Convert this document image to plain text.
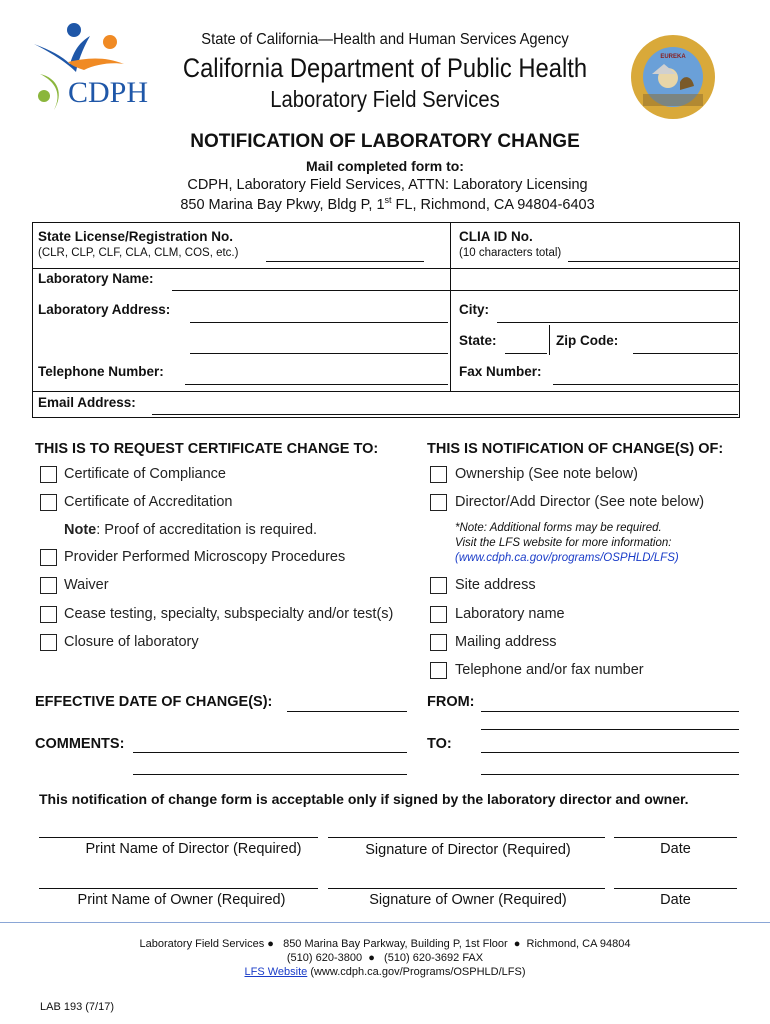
CDPH
State of California—Health and Human Services Agency
California Department of Public Health
Laboratory Field Services
EUREKA
NOTIFICATION OF LABORATORY CHANGE
Mail completed form to:
CDPH, Laboratory Field Services, ATTN: Laboratory Licensing
850 Marina Bay Pkwy, Bldg P, 1st FL, Richmond, CA 94804-6403
State License/Registration No.
(CLR, CLP, CLF, CLA, CLM, COS, etc.)
CLIA ID No.
(10 characters total)
Laboratory Name:
Laboratory Address:	City:
State:	Zip Code:
Telephone Number:	Fax Number:
Email Address:
THIS IS TO REQUEST CERTIFICATE CHANGE TO:	THIS IS NOTIFICATION OF CHANGE(S) OF:
Certificate of Compliance
Certificate of Accreditation
Note: Proof of accreditation is required.
Provider Performed Microscopy Procedures
Waiver
Cease testing, specialty, subspecialty and/or test(s)
Closure of laboratory
Ownership (See note below)
Director/Add Director (See note below)
*Note: Additional forms may be required.
Visit the LFS website for more information:
(www.cdph.ca.gov/programs/OSPHLD/LFS)
Site address
Laboratory name
Mailing address
Telephone and/or fax number
EFFECTIVE DATE OF CHANGE(S):	FROM:
COMMENTS:	TO:
This notification of change form is acceptable only if signed by the laboratory director and owner.
Print Name of Director (Required)	Signature of Director (Required)	Date
Print Name of Owner (Required)	Signature of Owner (Required)	Date
Laboratory Field Services ●   850 Marina Bay Parkway, Building P, 1st Floor  ●  Richmond, CA 94804
(510) 620-3800  ●   (510) 620-3692 FAX
LFS Website (www.cdph.ca.gov/Programs/OSPHLD/LFS)
LAB 193 (7/17)
